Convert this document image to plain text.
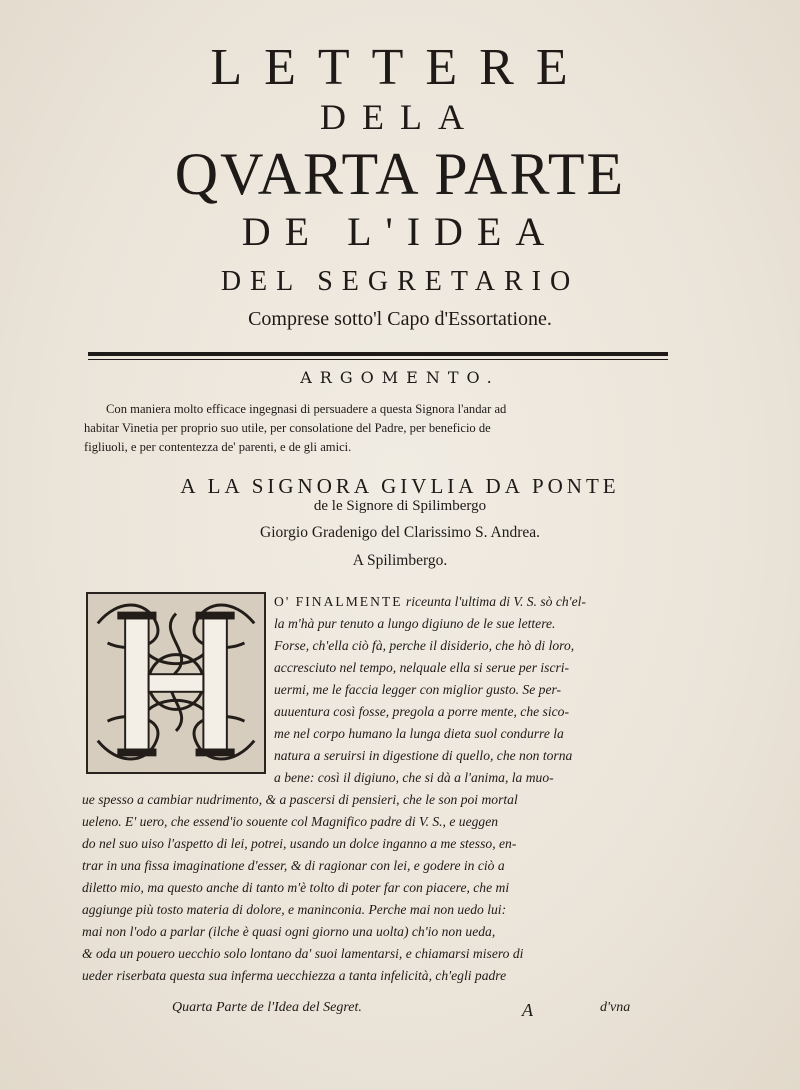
LETTERE
DELA
QVARTA PARTE
DE L'IDEA
DEL SEGRETARIO
Comprese sotto'l Capo d'Essortatione.
ARGOMENTO.
Con maniera molto efficace ingegnasi di persuadere a questa Signora l'andar ad
habitar Vinetia per proprio suo utile, per consolatione del Padre, per beneficio de
figliuoli, e per contentezza de' parenti, e de gli amici.
A LA SIGNORA GIVLIA DA PONTE
de le Signore di Spilimbergo
Giorgio Gradenigo del Clarissimo S. Andrea.
A Spilimbergo.
O' FINALMENTE riceunta l'ultima di V. S. sò ch'el-
la m'hà pur tenuto a lungo digiuno de le sue lettere.
Forse, ch'ella ciò fà, perche il disiderio, che hò di loro,
accresciuto nel tempo, nelquale ella si serue per iscri-
uermi, me le faccia legger con miglior gusto. Se per-
auuentura così fosse, pregola a porre mente, che sico-
me nel corpo humano la lunga dieta suol condurre la
natura a seruirsi in digestione di quello, che non torna
a bene: così il digiuno, che si dà a l'anima, la muo-
ue spesso a cambiar nudrimento, & a pascersi di pensieri, che le son poi mortal
ueleno. E' uero, che essend'io souente col Magnifico padre di V. S., e ueggen
do nel suo uiso l'aspetto di lei, potrei, usando un dolce inganno a me stesso, en-
trar in una fissa imaginatione d'esser, & di ragionar con lei, e godere in ciò a
diletto mio, ma questo anche di tanto m'è tolto di poter far con piacere, che mi
aggiunge più tosto materia di dolore, e maninconia. Perche mai non uedo lui:
mai non l'odo a parlar (ilche è quasi ogni giorno una uolta) ch'io non ueda,
& oda un pouero uecchio solo lontano da' suoi lamentarsi, e chiamarsi misero di
ueder riserbata questa sua inferma uecchiezza a tanta infelicità, ch'egli padre
Quarta Parte de l'Idea del Segret.	A	d'vna
